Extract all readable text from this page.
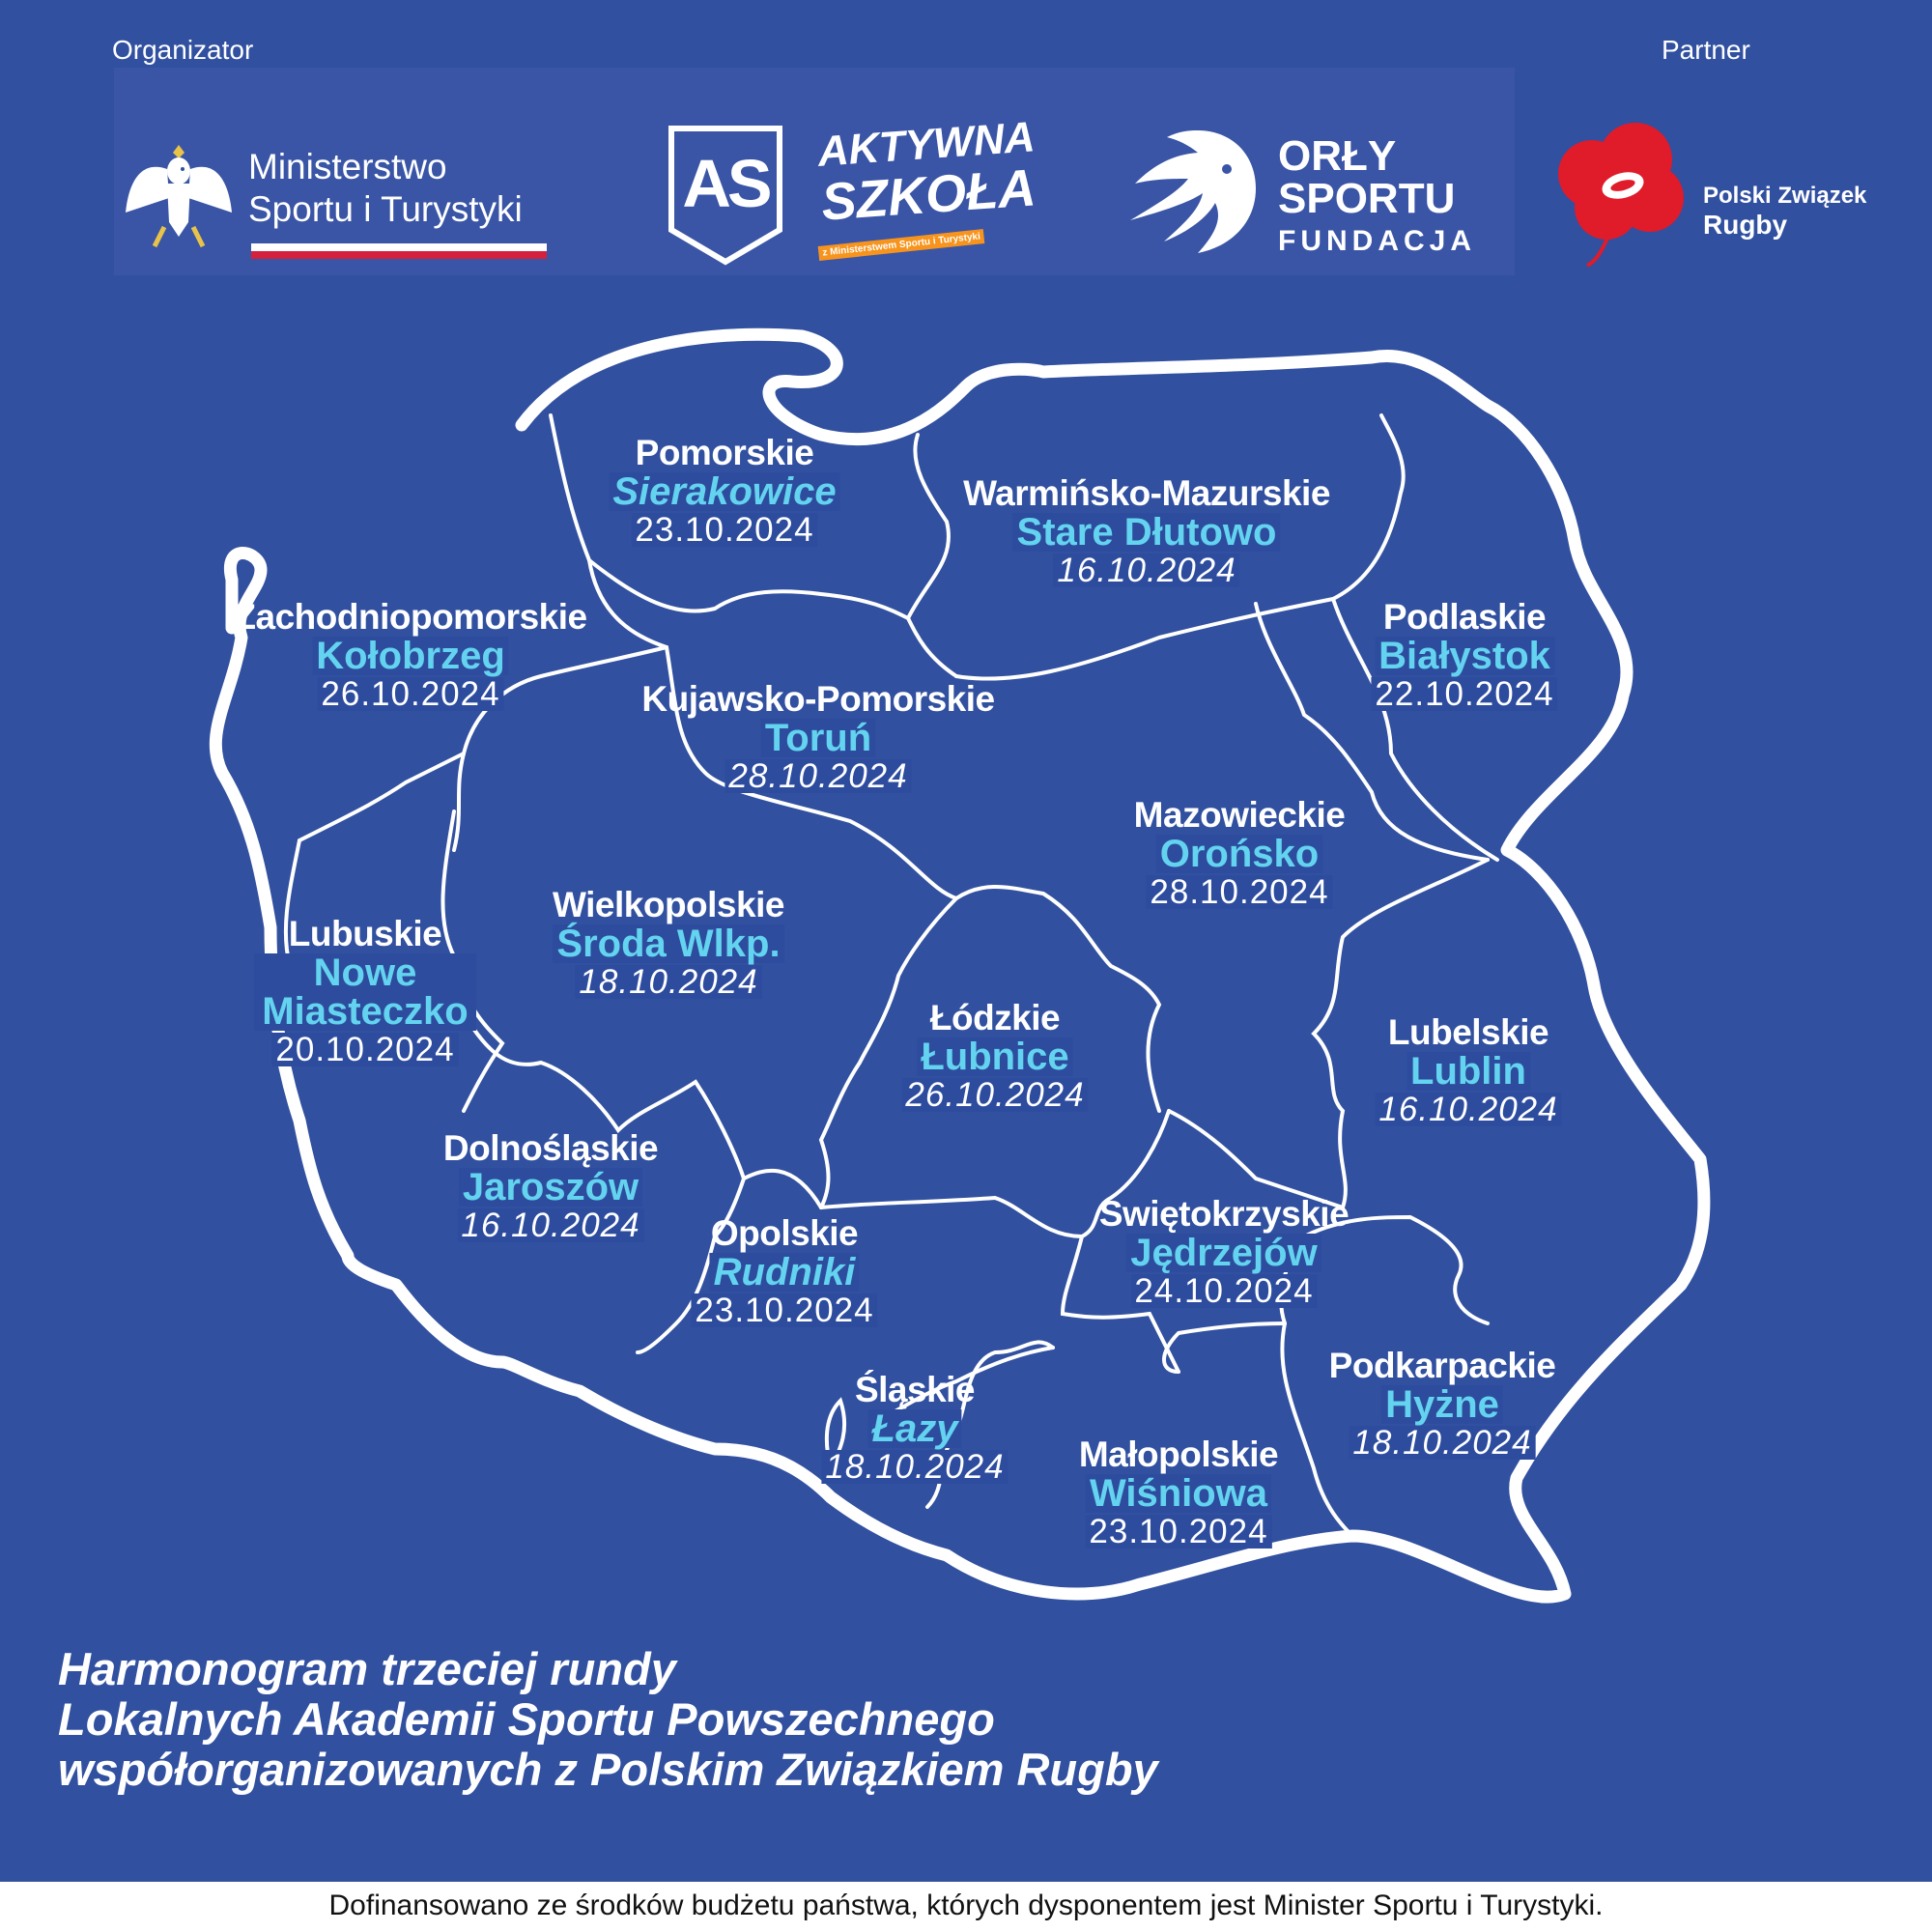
Organizator	Partner
Ministerstwo
Sportu i Turystyki AS
AKTYWNA
SZKOŁA
z Ministerstwem Sportu i Turystyki
ORŁY
SPORTU
FUNDACJA
Polski Związek
Rugby
Pomorskie
Sierakowice
23.10.2024
Warmińsko-Mazurskie
Stare Dłutowo
16.10.2024
Zachodniopomorskie
Kołobrzeg
26.10.2024
Podlaskie
Białystok
22.10.2024
Kujawsko-Pomorskie
Toruń
28.10.2024
Mazowieckie
Orońsko
28.10.2024
Wielkopolskie
Środa Wlkp.
18.10.2024
Lubuskie
Nowe Miasteczko
20.10.2024
Łódzkie
Łubnice
26.10.2024
Lubelskie
Lublin
16.10.2024
Dolnośląskie
Jaroszów
16.10.2024	Świętokrzyskie
Jędrzejów
24.10.2024
Opolskie
Rudniki
23.10.2024
Podkarpackie
Hyżne
18.10.2024
Śląskie
Łazy
18.10.2024 Małopolskie
Wiśniowa
23.10.2024
Harmonogram trzeciej rundy
Lokalnych Akademii Sportu Powszechnego
współorganizowanych z Polskim Związkiem Rugby
Dofinansowano ze środków budżetu państwa, których dysponentem jest Minister Sportu i Turystyki.
